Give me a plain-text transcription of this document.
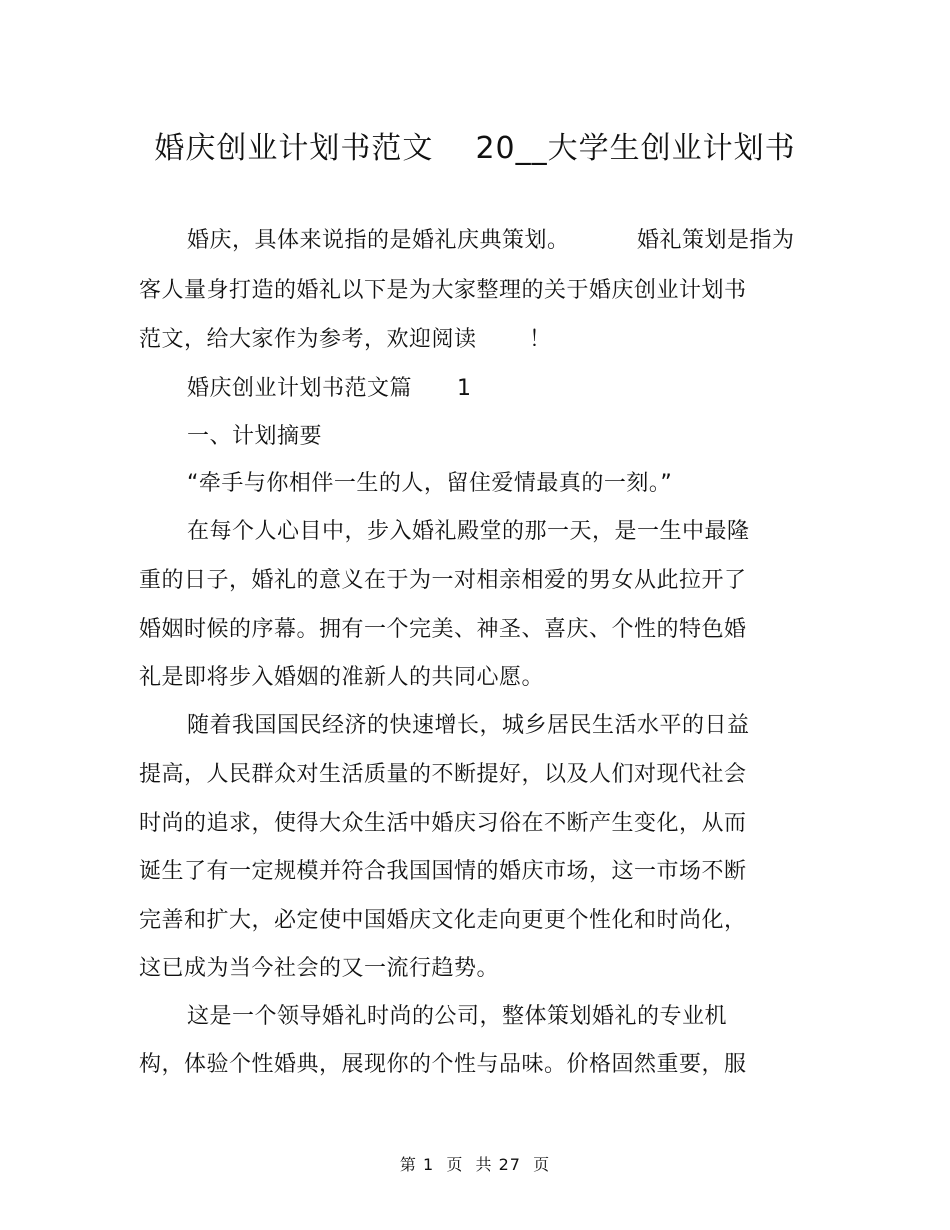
婚庆创业计划书范文    20__大学生创业计划书
婚庆，具体来说指的是婚礼庆典策划。         婚礼策划是指为
客人量身打造的婚礼以下是为大家整理的关于婚庆创业计划书
范文，给大家作为参考，欢迎阅读       ！
婚庆创业计划书范文篇      1
一、计划摘要
“牵手与你相伴一生的人，留住爱情最真的一刻。”
在每个人心目中，步入婚礼殿堂的那一天，是一生中最隆
重的日子，婚礼的意义在于为一对相亲相爱的男女从此拉开了
婚姻时候的序幕。拥有一个完美、神圣、喜庆、个性的特色婚
礼是即将步入婚姻的准新人的共同心愿。
随着我国国民经济的快速增长，城乡居民生活水平的日益
提高，人民群众对生活质量的不断提好，以及人们对现代社会
时尚的追求，使得大众生活中婚庆习俗在不断产生变化，从而
诞生了有一定规模并符合我国国情的婚庆市场，这一市场不断
完善和扩大，必定使中国婚庆文化走向更更个性化和时尚化，
这已成为当今社会的又一流行趋势。
这是一个领导婚礼时尚的公司，整体策划婚礼的专业机
构，体验个性婚典，展现你的个性与品味。价格固然重要，服
第 1  页  共 27  页
